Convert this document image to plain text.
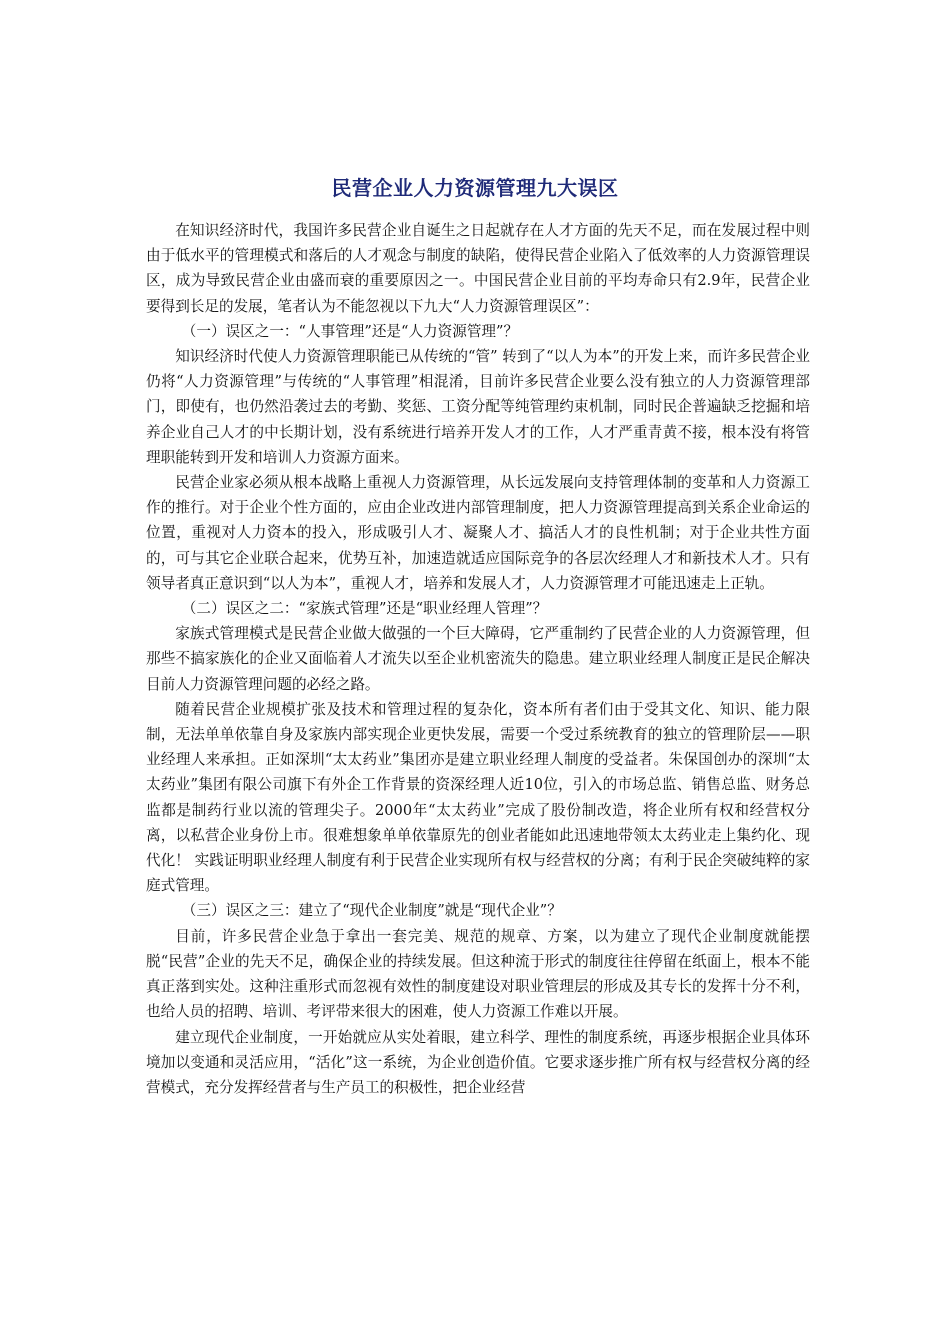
民营企业人力资源管理九大误区

在知识经济时代，我国许多民营企业自诞生之日起就存在人才方面的先天不足，而在发展过程中则由于低水平的管理模式和落后的人才观念与制度的缺陷，使得民营企业陷入了低效率的人力资源管理误区，成为导致民营企业由盛而衰的重要原因之一。中国民营企业目前的平均寿命只有2.9年，民营企业要得到长足的发展，笔者认为不能忽视以下九大“人力资源管理误区”：

（一）误区之一：“人事管理”还是“人力资源管理”？

知识经济时代使人力资源管理职能已从传统的“管” 转到了“以人为本”的开发上来，而许多民营企业仍将“人力资源管理”与传统的“人事管理”相混淆，目前许多民营企业要么没有独立的人力资源管理部门，即使有，也仍然沿袭过去的考勤、奖惩、工资分配等纯管理约束机制，同时民企普遍缺乏挖掘和培养企业自己人才的中长期计划，没有系统进行培养开发人才的工作，人才严重青黄不接，根本没有将管理职能转到开发和培训人力资源方面来。

民营企业家必须从根本战略上重视人力资源管理，从长远发展向支持管理体制的变革和人力资源工作的推行。对于企业个性方面的，应由企业改进内部管理制度，把人力资源管理提高到关系企业命运的位置，重视对人力资本的投入，形成吸引人才、凝聚人才、搞活人才的良性机制；对于企业共性方面的，可与其它企业联合起来，优势互补，加速造就适应国际竞争的各层次经理人才和新技术人才。只有领导者真正意识到“以人为本”，重视人才，培养和发展人才，人力资源管理才可能迅速走上正轨。

（二）误区之二：“家族式管理”还是“职业经理人管理”？

家族式管理模式是民营企业做大做强的一个巨大障碍，它严重制约了民营企业的人力资源管理，但那些不搞家族化的企业又面临着人才流失以至企业机密流失的隐患。建立职业经理人制度正是民企解决目前人力资源管理问题的必经之路。

随着民营企业规模扩张及技术和管理过程的复杂化，资本所有者们由于受其文化、知识、能力限制，无法单单依靠自身及家族内部实现企业更快发展，需要一个受过系统教育的独立的管理阶层——职业经理人来承担。正如深圳“太太药业”集团亦是建立职业经理人制度的受益者。朱保国创办的深圳“太太药业”集团有限公司旗下有外企工作背景的资深经理人近10位，引入的市场总监、销售总监、财务总监都是制药行业以流的管理尖子。2000年“太太药业”完成了股份制改造，将企业所有权和经营权分离，以私营企业身份上市。很难想象单单依靠原先的创业者能如此迅速地带领太太药业走上集约化、现代化！ 实践证明职业经理人制度有利于民营企业实现所有权与经营权的分离；有利于民企突破纯粹的家庭式管理。

（三）误区之三：建立了“现代企业制度”就是“现代企业”？

目前，许多民营企业急于拿出一套完美、规范的规章、方案，以为建立了现代企业制度就能摆脱“民营”企业的先天不足，确保企业的持续发展。但这种流于形式的制度往往停留在纸面上，根本不能真正落到实处。这种注重形式而忽视有效性的制度建设对职业管理层的形成及其专长的发挥十分不利，也给人员的招聘、培训、考评带来很大的困难，使人力资源工作难以开展。

建立现代企业制度，一开始就应从实处着眼，建立科学、理性的制度系统，再逐步根据企业具体环境加以变通和灵活应用，“活化”这一系统，为企业创造价值。它要求逐步推广所有权与经营权分离的经营模式，充分发挥经营者与生产员工的积极性，把企业经营
